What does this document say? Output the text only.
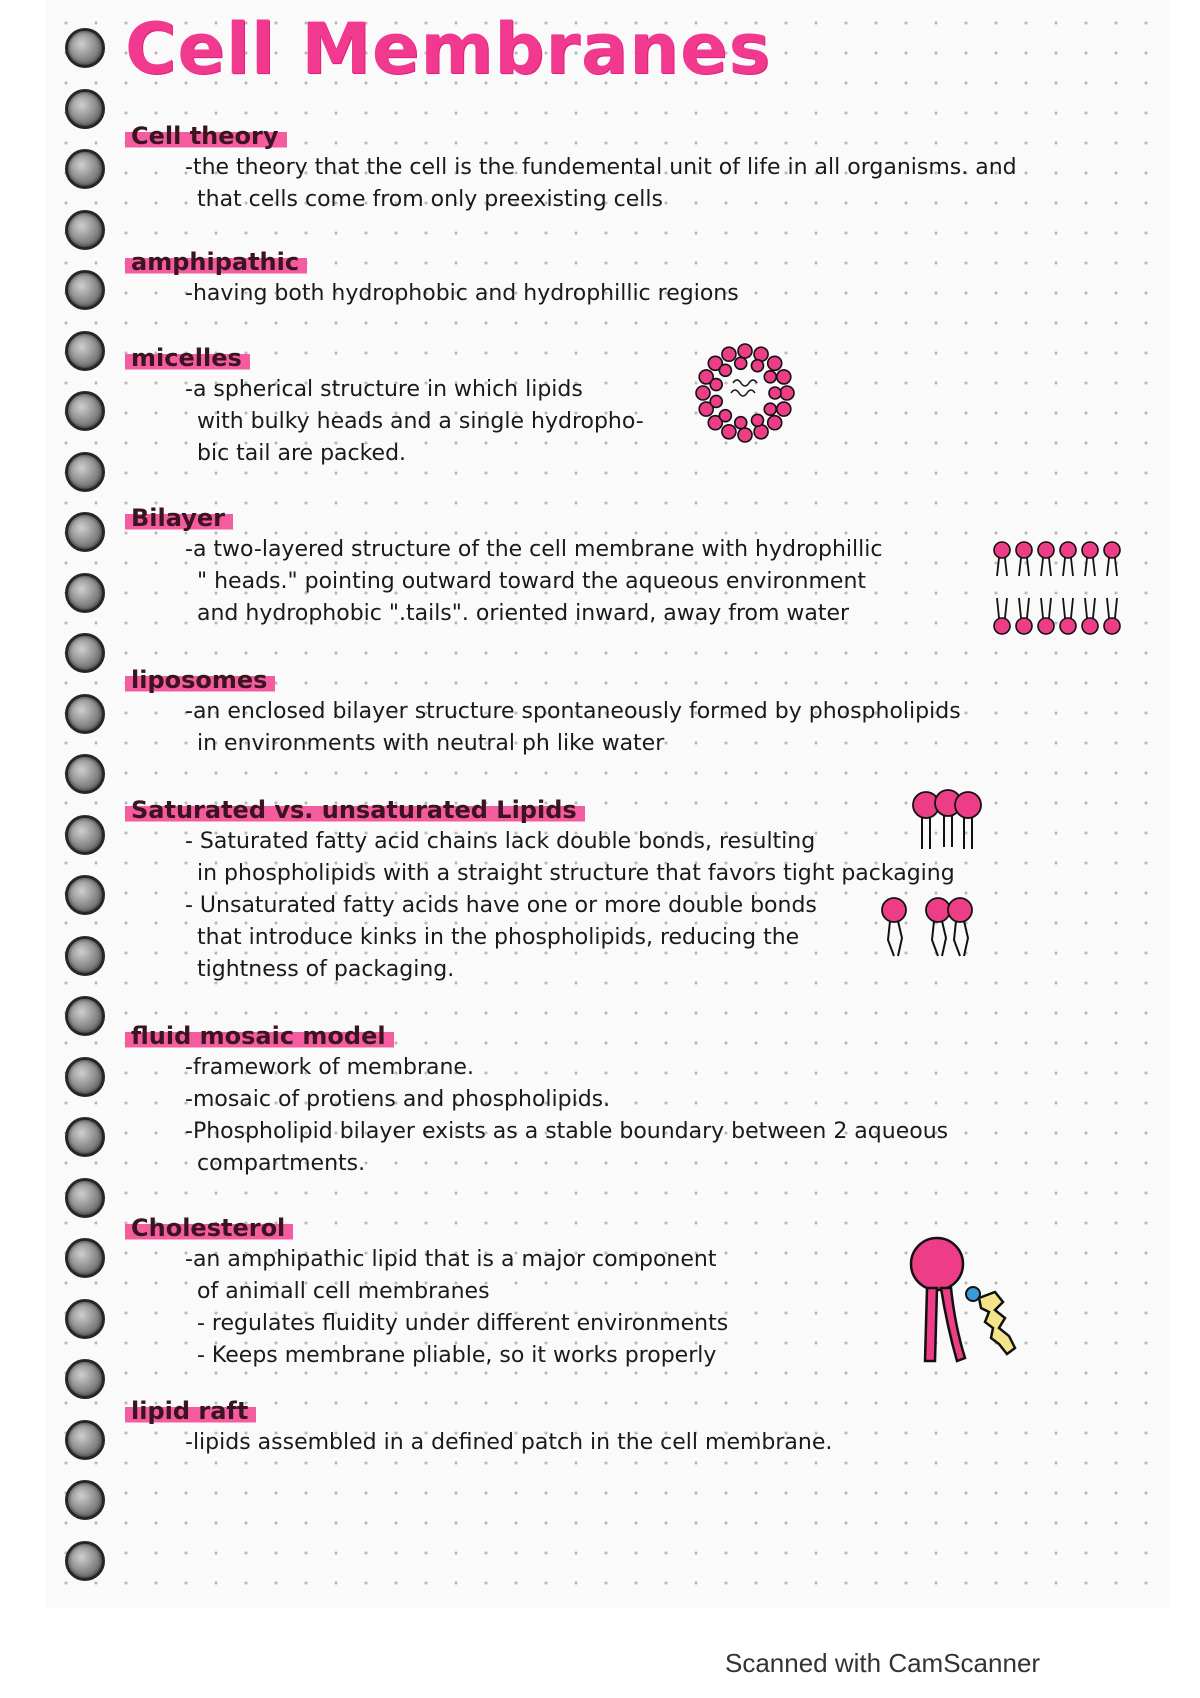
Cell Membranes
Cell theory
-the theory that the cell is the fundemental unit of life in all organisms. and
that cells come from only preexisting cells
amphipathic
-having both hydrophobic and hydrophillic regions
micelles
-a spherical structure in which lipids
with bulky heads and a single hydropho-
bic tail are packed.
Bilayer
-a two-layered structure of the cell membrane with hydrophillic
" heads." pointing outward toward the aqueous environment
and hydrophobic ".tails". oriented inward, away from water
liposomes
-an enclosed bilayer structure spontaneously formed by phospholipids
in environments with neutral ph like water
Saturated vs. unsaturated Lipids
- Saturated fatty acid chains lack double bonds, resulting
in phospholipids with a straight structure that favors tight packaging
- Unsaturated fatty acids have one or more double bonds
that introduce kinks in the phospholipids, reducing the
tightness of packaging.
fluid mosaic model
-framework of membrane.
-mosaic of protiens and phospholipids.
-Phospholipid bilayer exists as a stable boundary between 2 aqueous
compartments.
Cholesterol
-an amphipathic lipid that is a major component
of animall cell membranes
- regulates fluidity under different environments
- Keeps membrane pliable, so it works properly
lipid raft
-lipids assembled in a defined patch in the cell membrane.
Scanned with CamScanner
